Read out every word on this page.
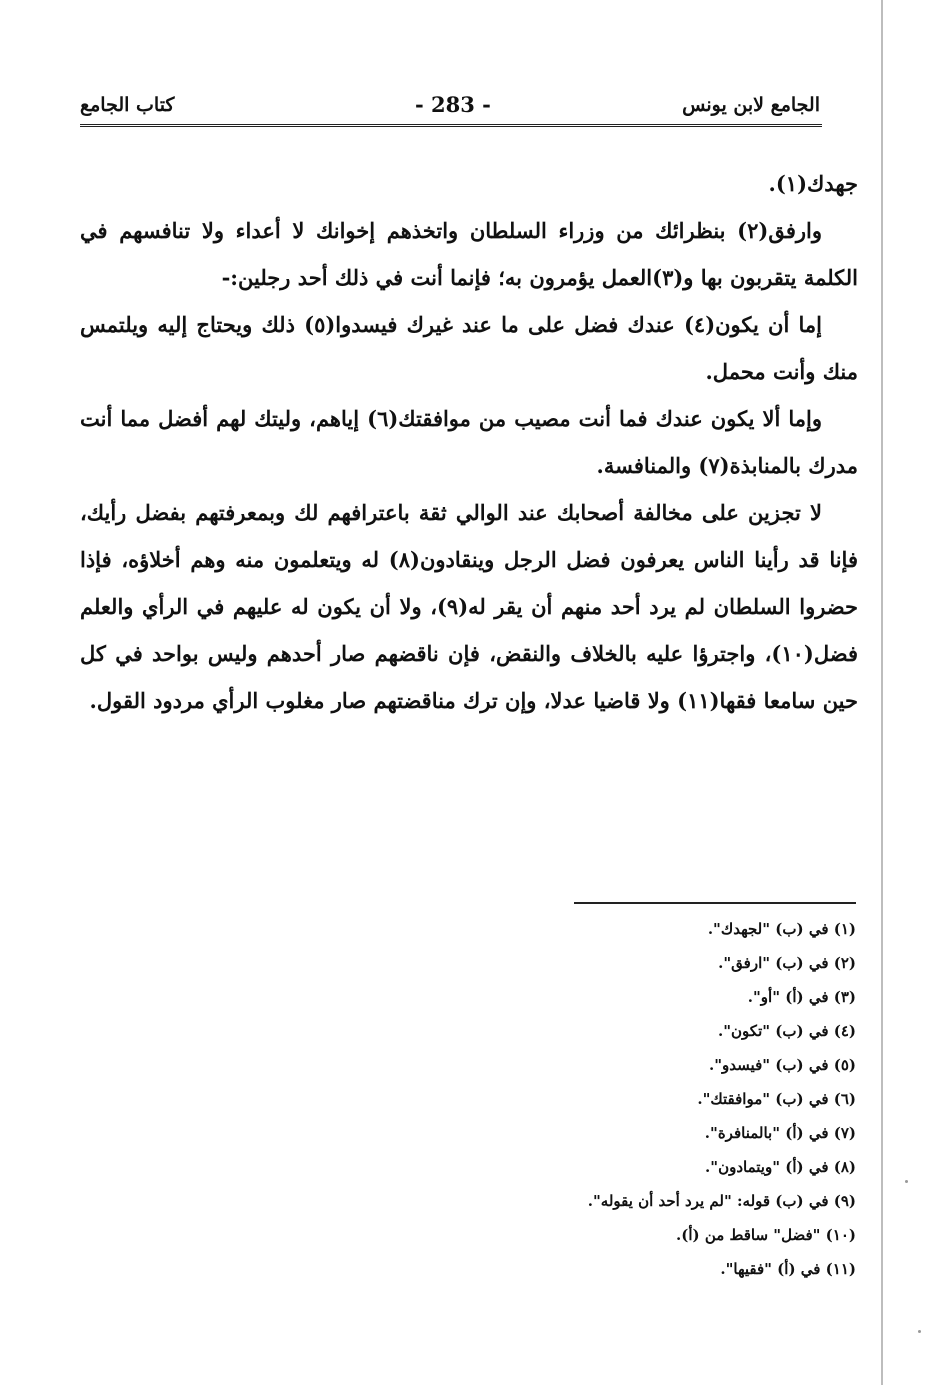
الجامع لابن يونس
- 283 -
كتاب الجامع

جهدك(١).

وارفق(٢) بنظرائك من وزراء السلطان واتخذهم إخوانك لا أعداء ولا تنافسهم في الكلمة يتقربون بها و(٣)العمل يؤمرون به؛ فإنما أنت في ذلك أحد رجلين:-

إما أن يكون(٤) عندك فضل على ما عند غيرك فيسدوا(٥) ذلك ويحتاج إليه ويلتمس منك وأنت محمل.

وإما ألا يكون عندك فما أنت مصيب من موافقتك(٦) إياهم، وليتك لهم أفضل مما أنت مدرك بالمنابذة(٧) والمنافسة.

لا تجزين على مخالفة أصحابك عند الوالي ثقة باعترافهم لك وبمعرفتهم بفضل رأيك، فإنا قد رأينا الناس يعرفون فضل الرجل وينقادون(٨) له ويتعلمون منه وهم أخلاؤه، فإذا حضروا السلطان لم يرد أحد منهم أن يقر له(٩)، ولا أن يكون له عليهم في الرأي والعلم فضل(١٠)، واجترؤا عليه بالخلاف والنقض، فإن ناقضهم صار أحدهم وليس بواحد في كل حين سامعا فقها(١١) ولا قاضيا عدلا، وإن ترك مناقضتهم صار مغلوب الرأي مردود القول.

(١) في (ب) "لجهدك".
(٢) في (ب) "ارفق".
(٣) في (أ) "أو".
(٤) في (ب) "تكون".
(٥) في (ب) "فيسدو".
(٦) في (ب) "موافقتك".
(٧) في (أ) "بالمنافرة".
(٨) في (أ) "ويتمادون".
(٩) في (ب) قوله: "لم يرد أحد أن يقوله".
(١٠) "فضل" ساقط من (أ).
(١١) في (أ) "فقيها".
